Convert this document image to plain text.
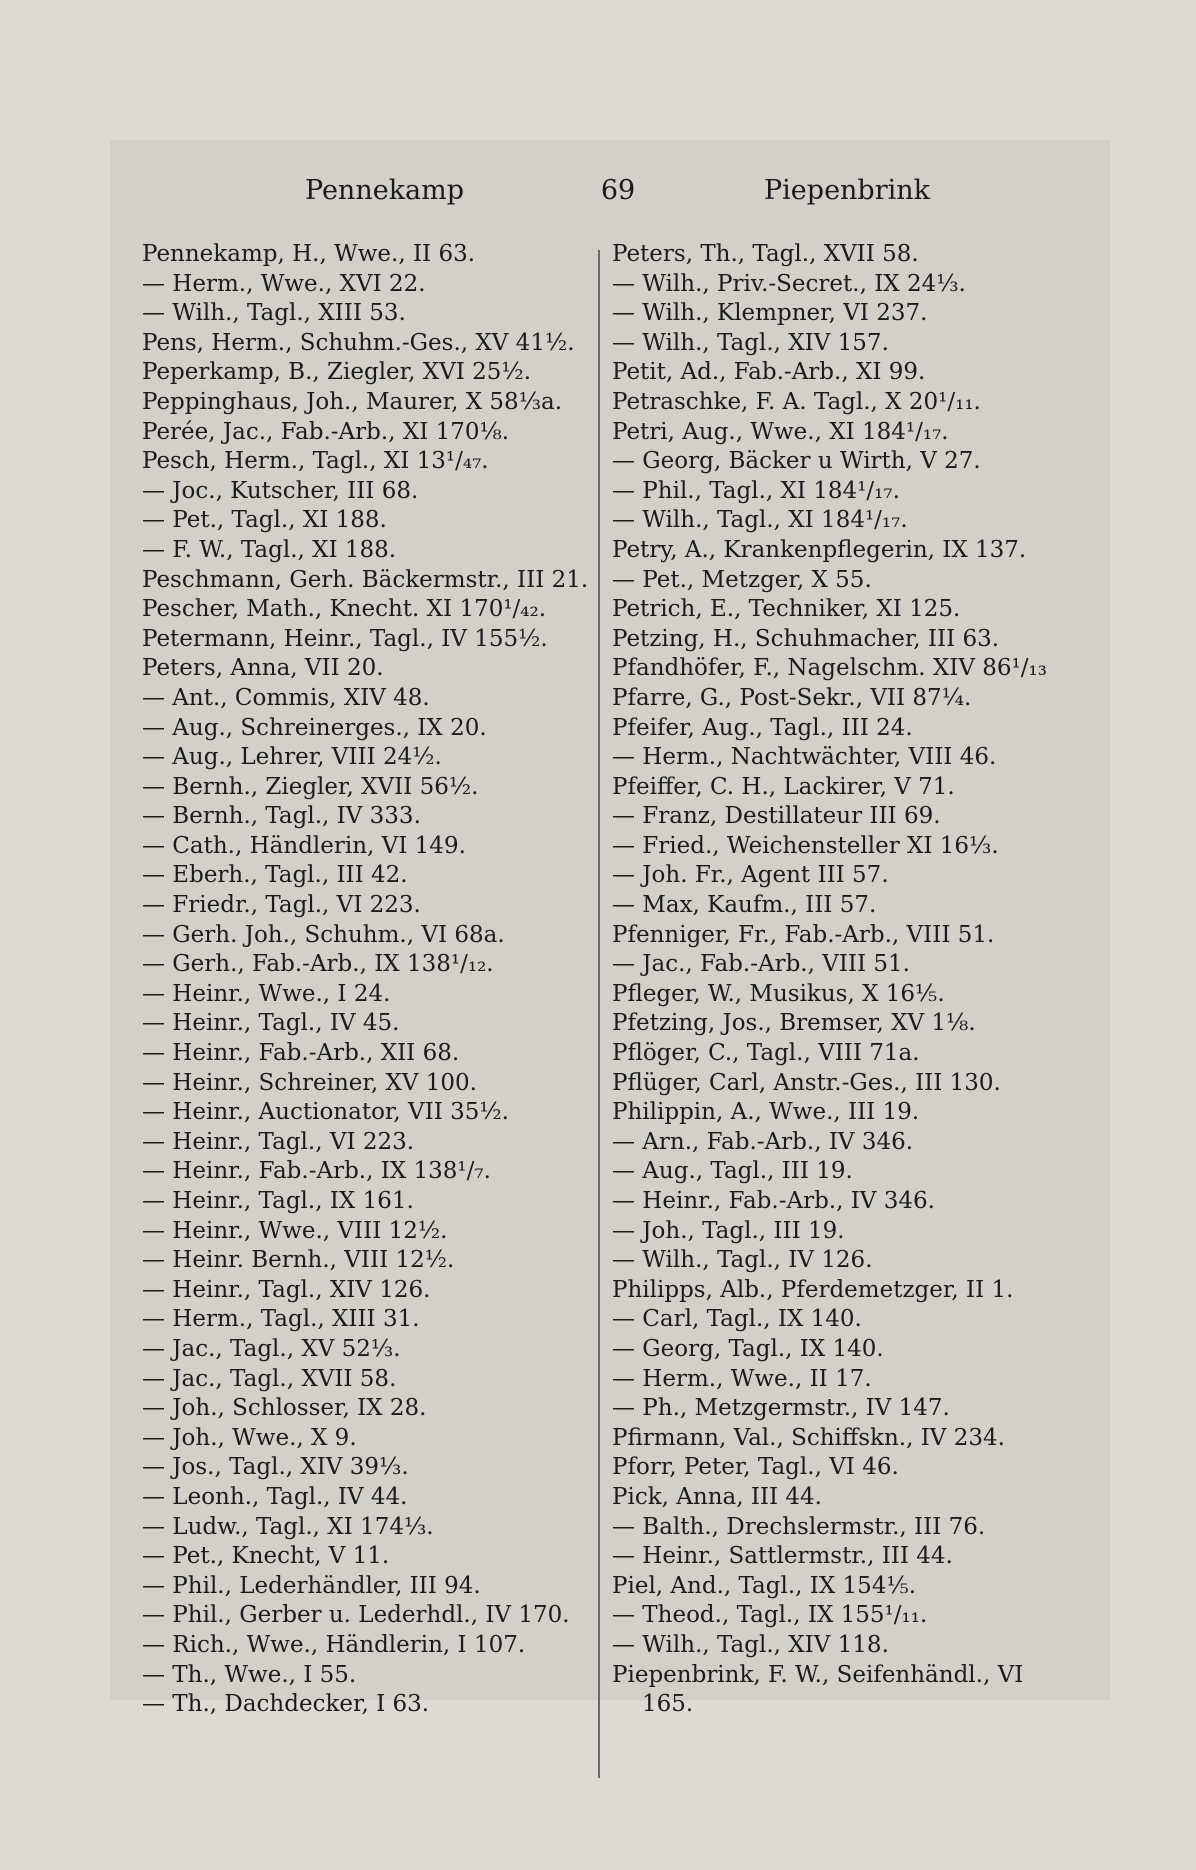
Pennekamp	69	Piepenbrink
Pennekamp, H., Wwe., II 63.
— Herm., Wwe., XVI 22.
— Wilh., Tagl., XIII 53.
Pens, Herm., Schuhm.-Ges., XV 41½.
Peperkamp, B., Ziegler, XVI 25½.
Peppinghaus, Joh., Maurer, X 58⅓a.
Perée, Jac., Fab.-Arb., XI 170⅛.
Pesch, Herm., Tagl., XI 13¹/₄₇.
— Joc., Kutscher, III 68.
— Pet., Tagl., XI 188.
— F. W., Tagl., XI 188.
Peschmann, Gerh. Bäckermstr., III 21.
Pescher, Math., Knecht. XI 170¹/₄₂.
Petermann, Heinr., Tagl., IV 155½.
Peters, Anna, VII 20.
— Ant., Commis, XIV 48.
— Aug., Schreinerges., IX 20.
— Aug., Lehrer, VIII 24½.
— Bernh., Ziegler, XVII 56½.
— Bernh., Tagl., IV 333.
— Cath., Händlerin, VI 149.
— Eberh., Tagl., III 42.
— Friedr., Tagl., VI 223.
— Gerh. Joh., Schuhm., VI 68a.
— Gerh., Fab.-Arb., IX 138¹/₁₂.
— Heinr., Wwe., I 24.
— Heinr., Tagl., IV 45.
— Heinr., Fab.-Arb., XII 68.
— Heinr., Schreiner, XV 100.
— Heinr., Auctionator, VII 35½.
— Heinr., Tagl., VI 223.
— Heinr., Fab.-Arb., IX 138¹/₇.
— Heinr., Tagl., IX 161.
— Heinr., Wwe., VIII 12½.
— Heinr. Bernh., VIII 12½.
— Heinr., Tagl., XIV 126.
— Herm., Tagl., XIII 31.
— Jac., Tagl., XV 52⅓.
— Jac., Tagl., XVII 58.
— Joh., Schlosser, IX 28.
— Joh., Wwe., X 9.
— Jos., Tagl., XIV 39⅓.
— Leonh., Tagl., IV 44.
— Ludw., Tagl., XI 174⅓.
— Pet., Knecht, V 11.
— Phil., Lederhändler, III 94.
— Phil., Gerber u. Lederhdl., IV 170.
— Rich., Wwe., Händlerin, I 107.
— Th., Wwe., I 55.
— Th., Dachdecker, I 63.
Peters, Th., Tagl., XVII 58.
— Wilh., Priv.-Secret., IX 24⅓.
— Wilh., Klempner, VI 237.
— Wilh., Tagl., XIV 157.
Petit, Ad., Fab.-Arb., XI 99.
Petraschke, F. A. Tagl., X 20¹/₁₁.
Petri, Aug., Wwe., XI 184¹/₁₇.
— Georg, Bäcker u Wirth, V 27.
— Phil., Tagl., XI 184¹/₁₇.
— Wilh., Tagl., XI 184¹/₁₇.
Petry, A., Krankenpflegerin, IX 137.
— Pet., Metzger, X 55.
Petrich, E., Techniker, XI 125.
Petzing, H., Schuhmacher, III 63.
Pfandhöfer, F., Nagelschm. XIV 86¹/₁₃
Pfarre, G., Post-Sekr., VII 87¼.
Pfeifer, Aug., Tagl., III 24.
— Herm., Nachtwächter, VIII 46.
Pfeiffer, C. H., Lackirer, V 71.
— Franz, Destillateur III 69.
— Fried., Weichensteller XI 16⅓.
— Joh. Fr., Agent III 57.
— Max, Kaufm., III 57.
Pfenniger, Fr., Fab.-Arb., VIII 51.
— Jac., Fab.-Arb., VIII 51.
Pfleger, W., Musikus, X 16⅕.
Pfetzing, Jos., Bremser, XV 1⅛.
Pflöger, C., Tagl., VIII 71a.
Pflüger, Carl, Anstr.-Ges., III 130.
Philippin, A., Wwe., III 19.
— Arn., Fab.-Arb., IV 346.
— Aug., Tagl., III 19.
— Heinr., Fab.-Arb., IV 346.
— Joh., Tagl., III 19.
— Wilh., Tagl., IV 126.
Philipps, Alb., Pferdemetzger, II 1.
— Carl, Tagl., IX 140.
— Georg, Tagl., IX 140.
— Herm., Wwe., II 17.
— Ph., Metzgermstr., IV 147.
Pfirmann, Val., Schiffskn., IV 234.
Pforr, Peter, Tagl., VI 46.
Pick, Anna, III 44.
— Balth., Drechslermstr., III 76.
— Heinr., Sattlermstr., III 44.
Piel, And., Tagl., IX 154⅕.
— Theod., Tagl., IX 155¹/₁₁.
— Wilh., Tagl., XIV 118.
Piepenbrink, F. W., Seifenhändl., VI
165.
